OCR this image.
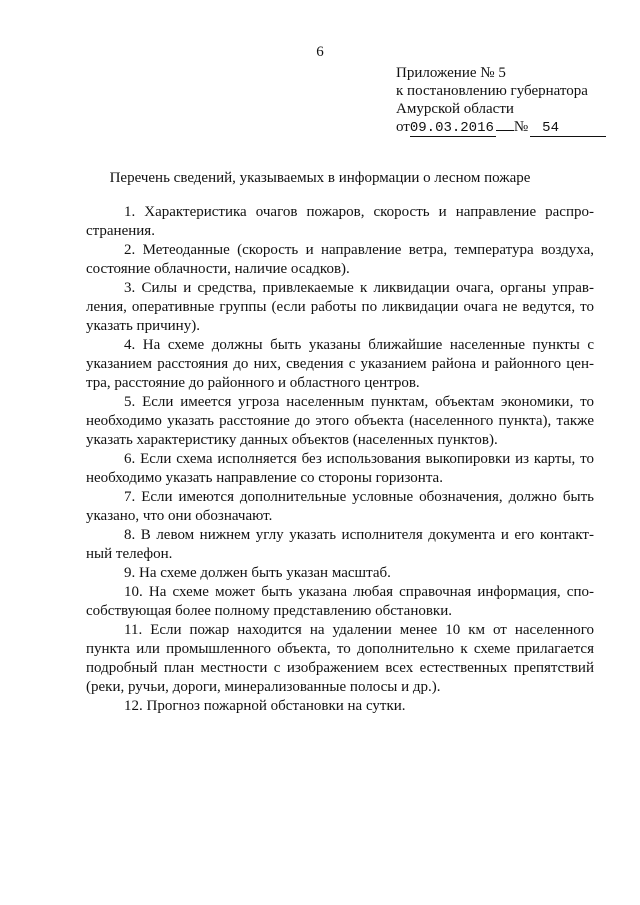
6
Приложение № 5
к постановлению губернатора
Амурской области
от 09.03.2016 №	54
Перечень сведений, указываемых в информации о лесном пожаре

1. Характеристика очагов пожаров, скорость и направление распространения.

2. Метеоданные (скорость и направление ветра, температура воздуха, состояние облачности, наличие осадков).

3. Силы и средства, привлекаемые к ликвидации очага, органы управления, оперативные группы (если работы по ликвидации очага не ведутся, то указать причину).

4. На схеме должны быть указаны ближайшие населенные пункты с указанием расстояния до них, сведения с указанием района и районного центра, расстояние до районного и областного центров.

5. Если имеется угроза населенным пунктам, объектам экономики, то необходимо указать расстояние до этого объекта (населенного пункта), также указать характеристику данных объектов (населенных пунктов).

6. Если схема исполняется без использования выкопировки из карты, то необходимо указать направление со стороны горизонта.

7. Если имеются дополнительные условные обозначения, должно быть указано, что они обозначают.

8. В левом нижнем углу указать исполнителя документа и его контактный телефон.

9. На схеме должен быть указан масштаб.

10. На схеме может быть указана любая справочная информация, способствующая более полному представлению обстановки.

11. Если пожар находится на удалении менее 10 км от населенного пункта или промышленного объекта, то дополнительно к схеме прилагается подробный план местности с изображением всех естественных препятствий (реки, ручьи, дороги, минерализованные полосы и др.).

12. Прогноз пожарной обстановки на сутки.
